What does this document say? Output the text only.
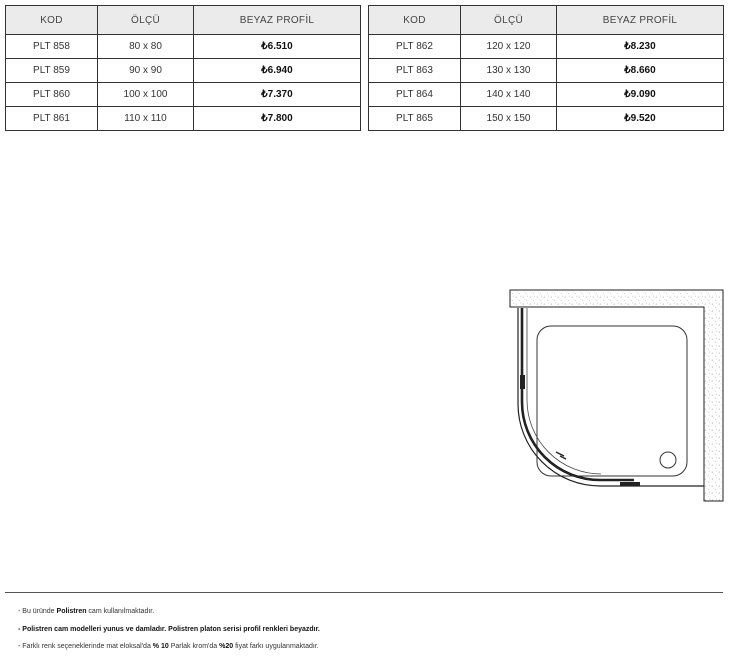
KOD	ÖLÇÜ	BEYAZ PROFİL
PLT 858	80 x 80	₺6.510
PLT 859	90 x 90	₺6.940
PLT 860	100 x 100	₺7.370
PLT 861	110 x 110	₺7.800
KOD	ÖLÇÜ	BEYAZ PROFİL
PLT 862	120 x 120	₺8.230
PLT 863	130 x 130	₺8.660
PLT 864	140 x 140	₺9.090
PLT 865	150 x 150	₺9.520
- Bu üründe Polistren cam kullanılmaktadır.
- Polistren cam modelleri yunus ve damladır. Polistren platon serisi profil renkleri beyazdır.
- Farklı renk seçeneklerinde mat eloksal'da % 10 Parlak krom'da %20 fiyat farkı uygulanmaktadır.
